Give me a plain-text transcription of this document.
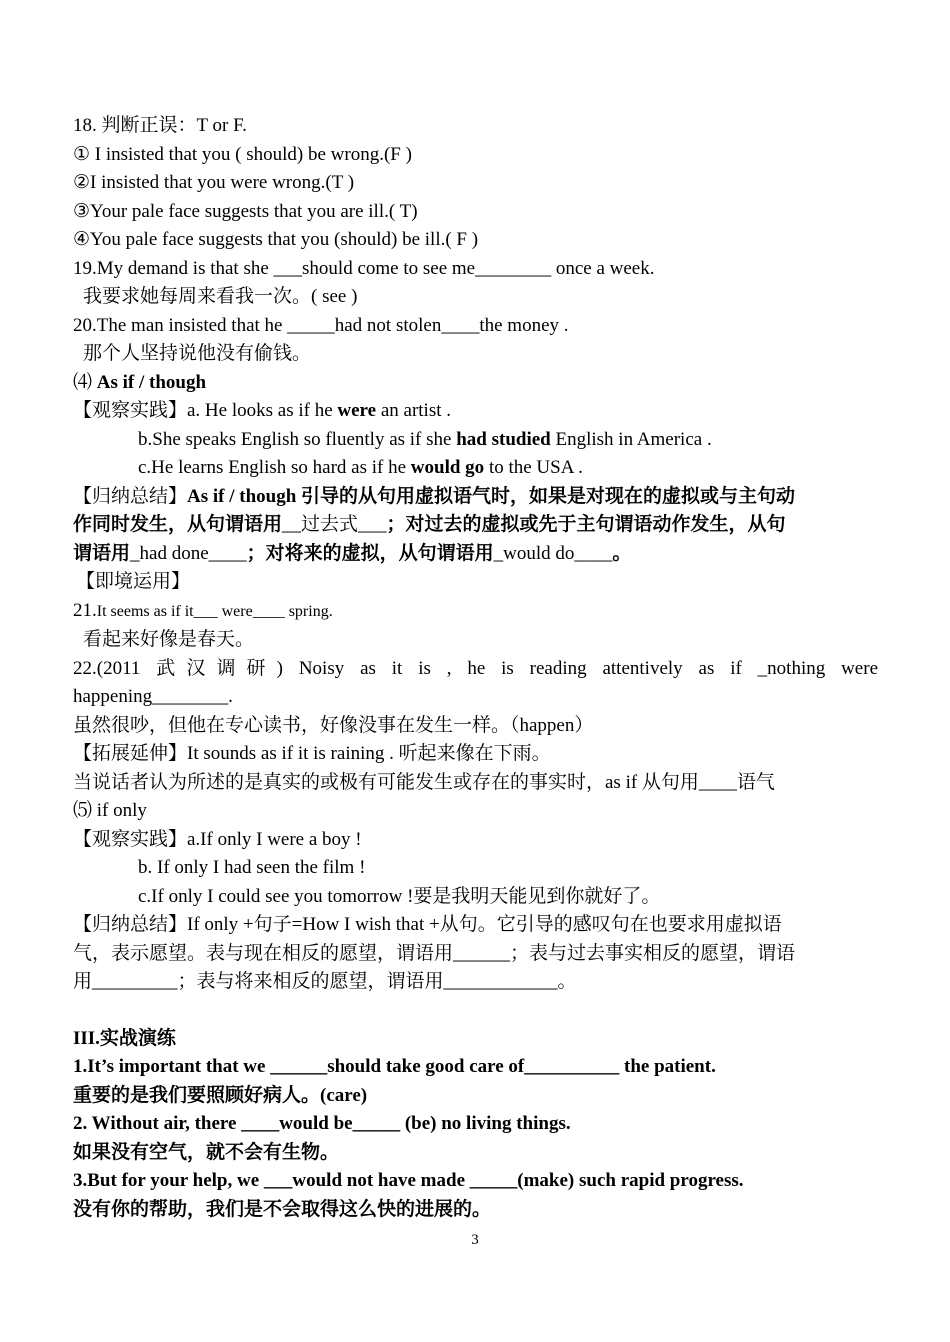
18. 判断正误：T or F.
① I insisted that you ( should) be wrong.(F )
②I insisted that you were wrong.(T )
③Your pale face suggests that you are ill.( T)
④You pale face suggests that you (should) be ill.( F )
19.My demand is that she ___should come to see me________ once a week.
我要求她每周来看我一次。( see )
20.The man insisted that he _____had not stolen____the money .
那个人坚持说他没有偷钱。
⑷ As if / though
【观察实践】a. He looks as if he were an artist .
b.She speaks English so fluently as if she had studied English in America .
c.He learns English so hard as if he would go to the USA .
【归纳总结】As if / though 引导的从句用虚拟语气时，如果是对现在的虚拟或与主句动
作同时发生，从句谓语用__过去式___；对过去的虚拟或先于主句谓语动作发生，从句
谓语用_had done____；对将来的虚拟，从句谓语用_would do____。
【即境运用】
21.It seems as if it___ were____ spring.
看起来好像是春天。
22.(2011 武汉调研) Noisy as it is , he is reading attentively as if _nothing were
happening________.
虽然很吵，但他在专心读书，好像没事在发生一样。（happen）
【拓展延伸】It sounds as if it is raining . 听起来像在下雨。
当说话者认为所述的是真实的或极有可能发生或存在的事实时，as if 从句用____语气
⑸ if only
【观察实践】a.If only I were a boy !
b. If only I had seen the film !
c.If only I could see you tomorrow !要是我明天能见到你就好了。
【归纳总结】If only +句子=How I wish that +从句。它引导的感叹句在也要求用虚拟语
气，表示愿望。表与现在相反的愿望，谓语用______；表与过去事实相反的愿望，谓语
用_________；表与将来相反的愿望，谓语用____________。
III.实战演练
1.It’s important that we ______should take good care of__________ the patient.
重要的是我们要照顾好病人。(care)
2. Without air, there ____would be_____ (be) no living things.
如果没有空气，就不会有生物。
3.But for your help, we ___would not have made _____(make) such rapid progress.
没有你的帮助，我们是不会取得这么快的进展的。
3
